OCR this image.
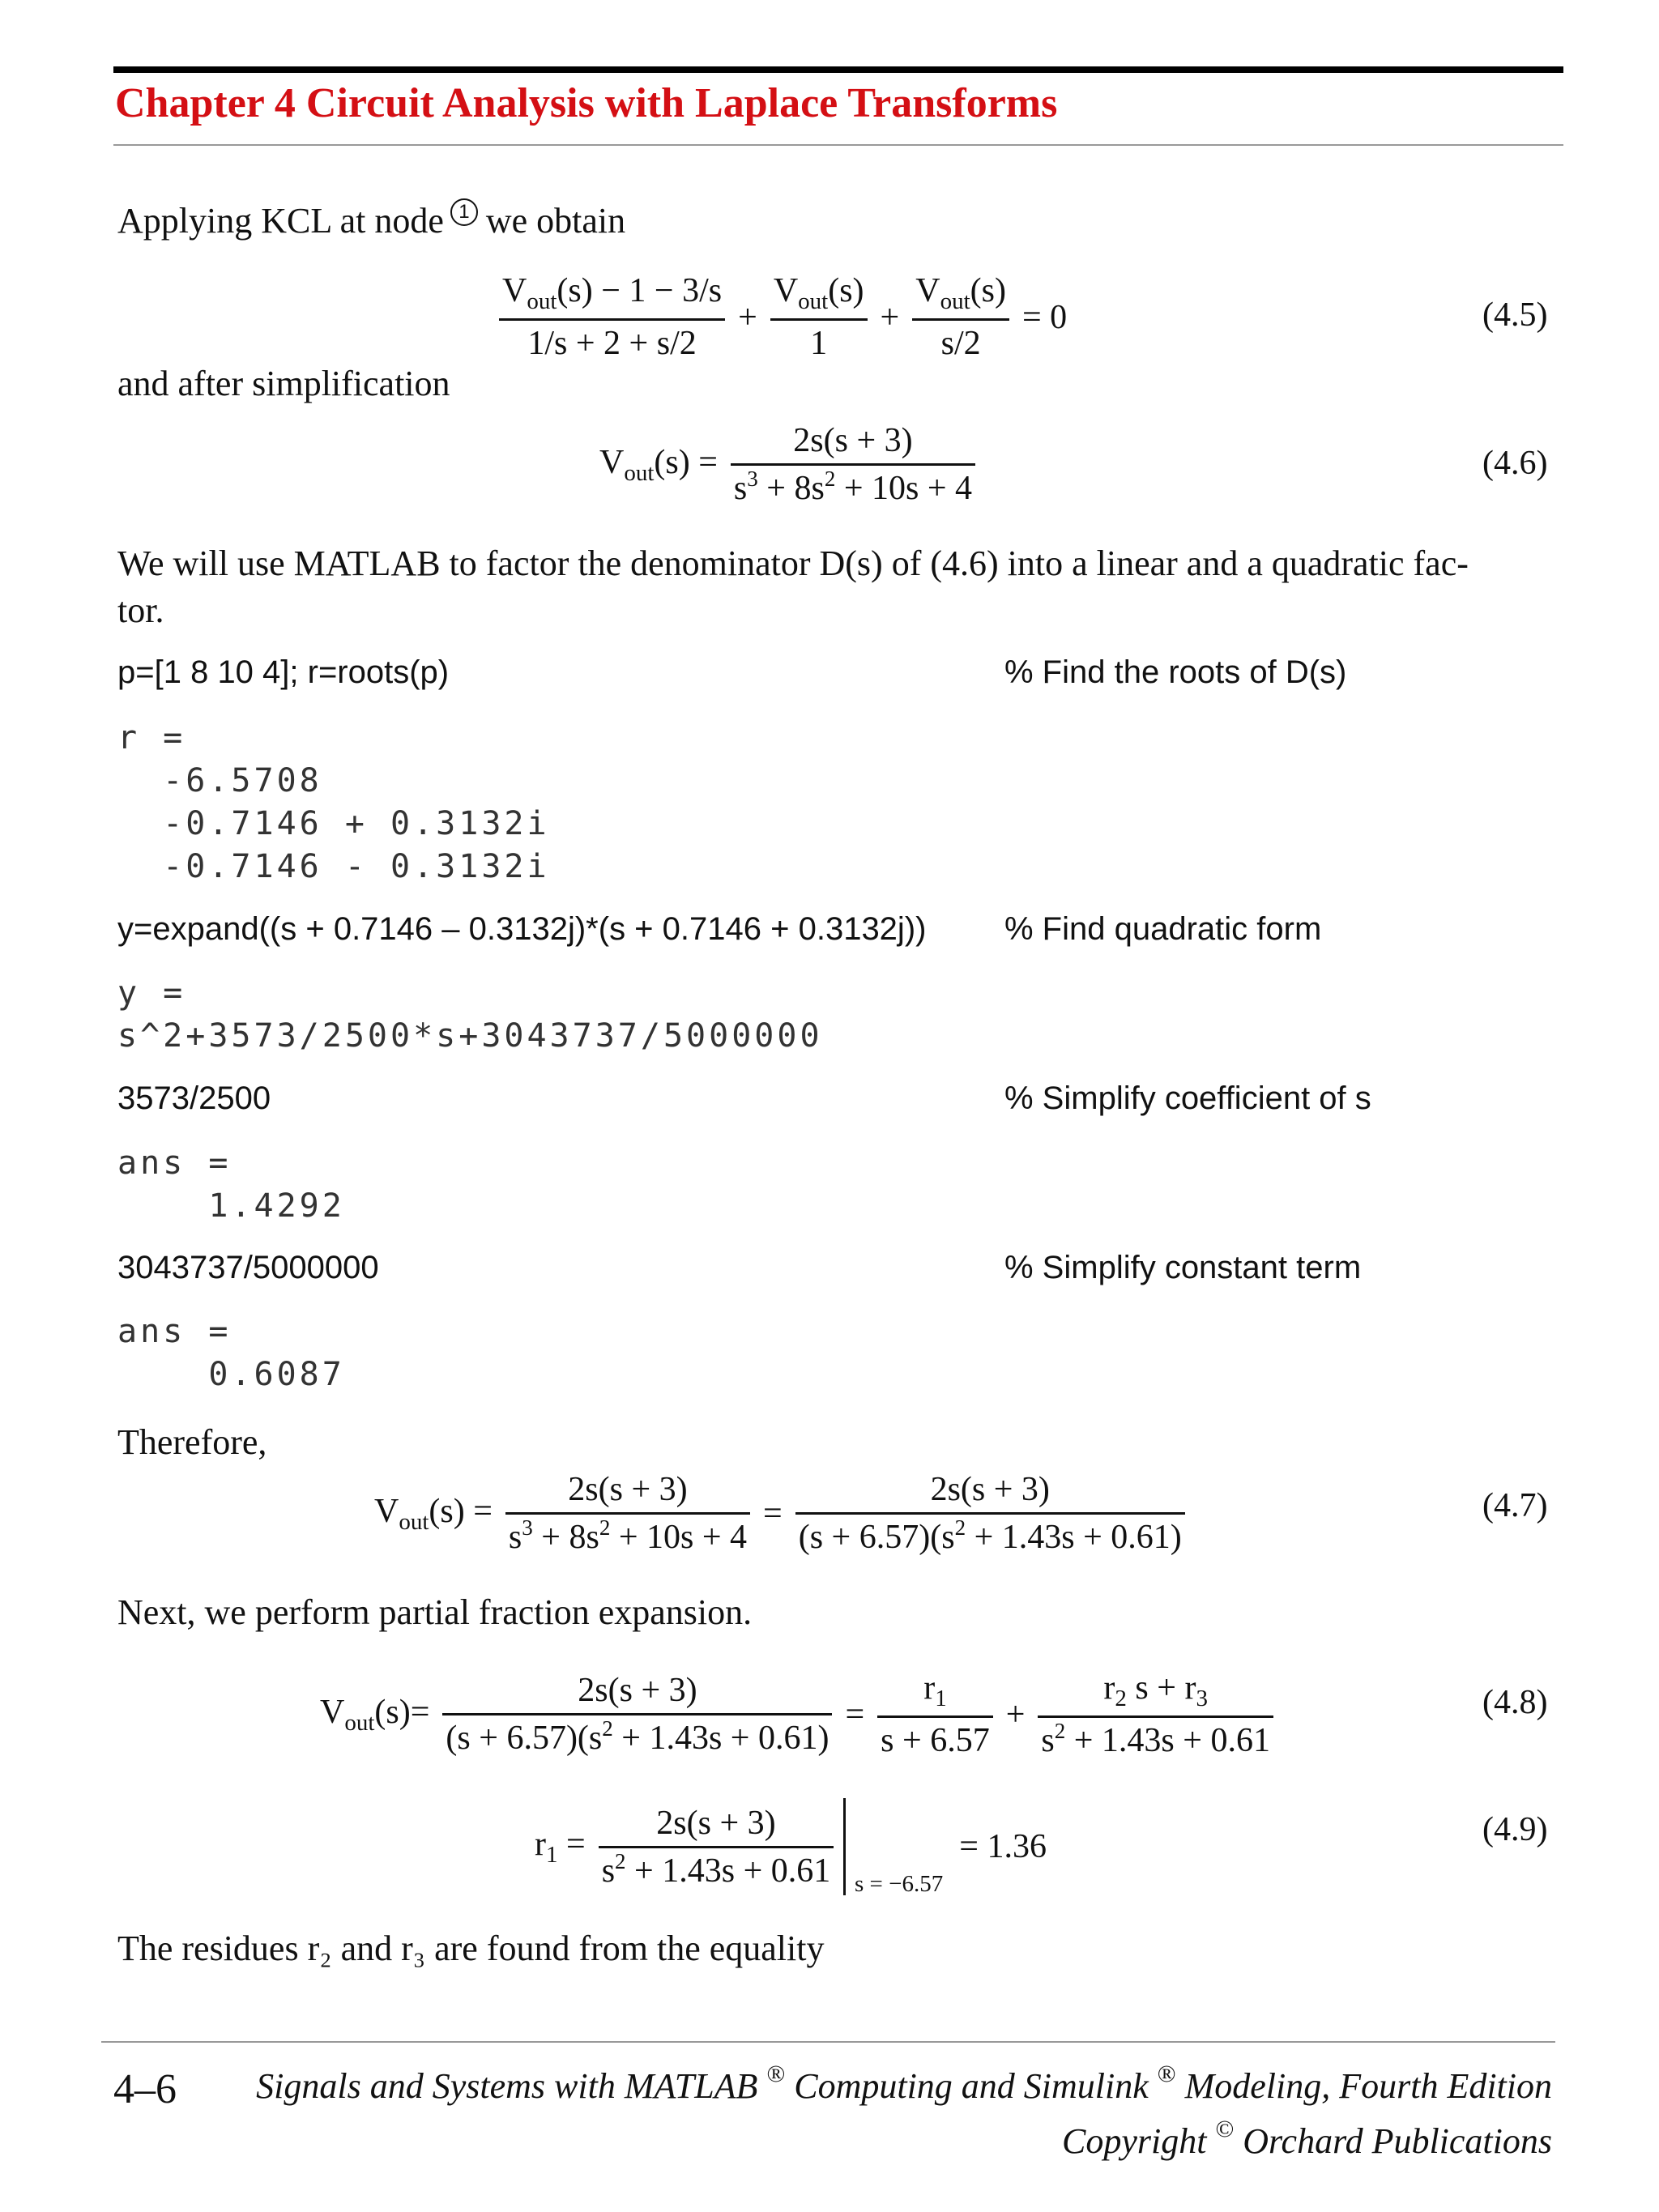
Chapter 4 Circuit Analysis with Laplace Transforms
Applying KCL at node 1 we obtain
$\frac{V_{out}(s) - 1 - 3/s}{1/s + 2 + s/2} + \frac{V_{out}(s)}{1} + \frac{V_{out}(s)}{s/2} = 0$	(4.5)
and after simplification
$V_{out}(s) = \frac{2s(s + 3)}{s^3 + 8s^2 + 10s + 4}$	(4.6)
We will use MATLAB to factor the denominator D(s) of (4.6) into a linear and a quadratic fac-
tor.
p=[1 8 10 4]; r=roots(p)	% Find the roots of D(s)
r =
-6.5708
-0.7146 + 0.3132i
-0.7146 - 0.3132i
y=expand((s + 0.7146 – 0.3132j)*(s + 0.7146 + 0.3132j)) % Find quadratic form
y =
s^2+3573/2500*s+3043737/5000000
3573/2500	% Simplify coefficient of s
ans =
1.4292
3043737/5000000	% Simplify constant term
ans =
0.6087
Therefore,
$V_{out}(s) = \frac{2s(s + 3)}{s^3 + 8s^2 + 10s + 4} = \frac{2s(s + 3)}{(s + 6.57)(s^2 + 1.43s + 0.61)}$	(4.7)
Next, we perform partial fraction expansion.
$V_{out}(s)= \frac{2s(s + 3)}{(s + 6.57)(s^2 + 1.43s + 0.61)} = \frac{r_1}{s + 6.57} + \frac{r_2 s + r_3}{s^2 + 1.43s + 0.61}$	(4.8)
$r_1 = \frac{2s(s + 3)}{s^2 + 1.43s + 0.61}$	= 1.36
s = −6.57
(4.9)
The residues r₂ and r₃ are found from the equality
4–6 Signals and Systems with MATLAB ® Computing and Simulink ® Modeling, Fourth Edition
Copyright © Orchard Publications
